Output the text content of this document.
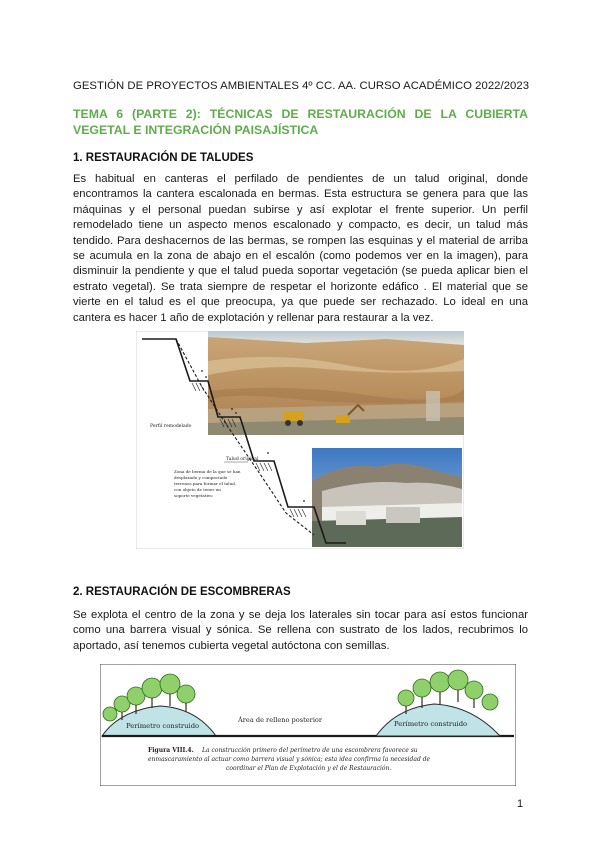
GESTIÓN DE PROYECTOS AMBIENTALES 4º CC. AA. CURSO ACADÉMICO 2022/2023
TEMA 6 (PARTE 2): TÉCNICAS DE RESTAURACIÓN DE LA CUBIERTA VEGETAL E INTEGRACIÓN PAISAJÍSTICA
1. RESTAURACIÓN DE TALUDES

Es habitual en canteras el perfilado de pendientes de un talud original, donde encontramos la cantera escalonada en bermas. Esta estructura se genera para que las máquinas y el personal puedan subirse y así explotar el frente superior. Un perfil remodelado tiene un aspecto menos escalonado y compacto, es decir, un talud más tendido. Para deshacernos de las bermas, se rompen las esquinas y el material de arriba se acumula en la zona de abajo en el escalón (como podemos ver en la imagen), para disminuir la pendiente y que el talud pueda soportar vegetación (se pueda aplicar bien el estrato vegetal). Se trata siempre de respetar el horizonte edáfico . El material que se vierte en el talud es el que preocupa, ya que puede ser rechazado. Lo ideal en una cantera es hacer 1 año de explotación y rellenar para restaurar a la vez.

Perfil remodelado
Talud original
Zona de berma de la que se han
desplazado y compactado
terrenos para formar el talud,
con objeto de tener un
soporte vegetativo
2. RESTAURACIÓN DE ESCOMBRERAS

Se explota el centro de la zona y se deja los laterales sin tocar para así estos funcionar como una barrera visual y sónica. Se rellena con sustrato de los lados, recubrimos lo aportado, así tenemos cubierta vegetal autóctona con semillas.

Perímetro construido
Área de relleno posterior	Perímetro construido
Figura VIII.4. La construcción primero del perímetro de una escombrera favorece su
enmascaramiento al actuar como barrera visual y sónica; esta idea confirma la necesidad de
coordinar el Plan de Explotación y el de Restauración.
1
